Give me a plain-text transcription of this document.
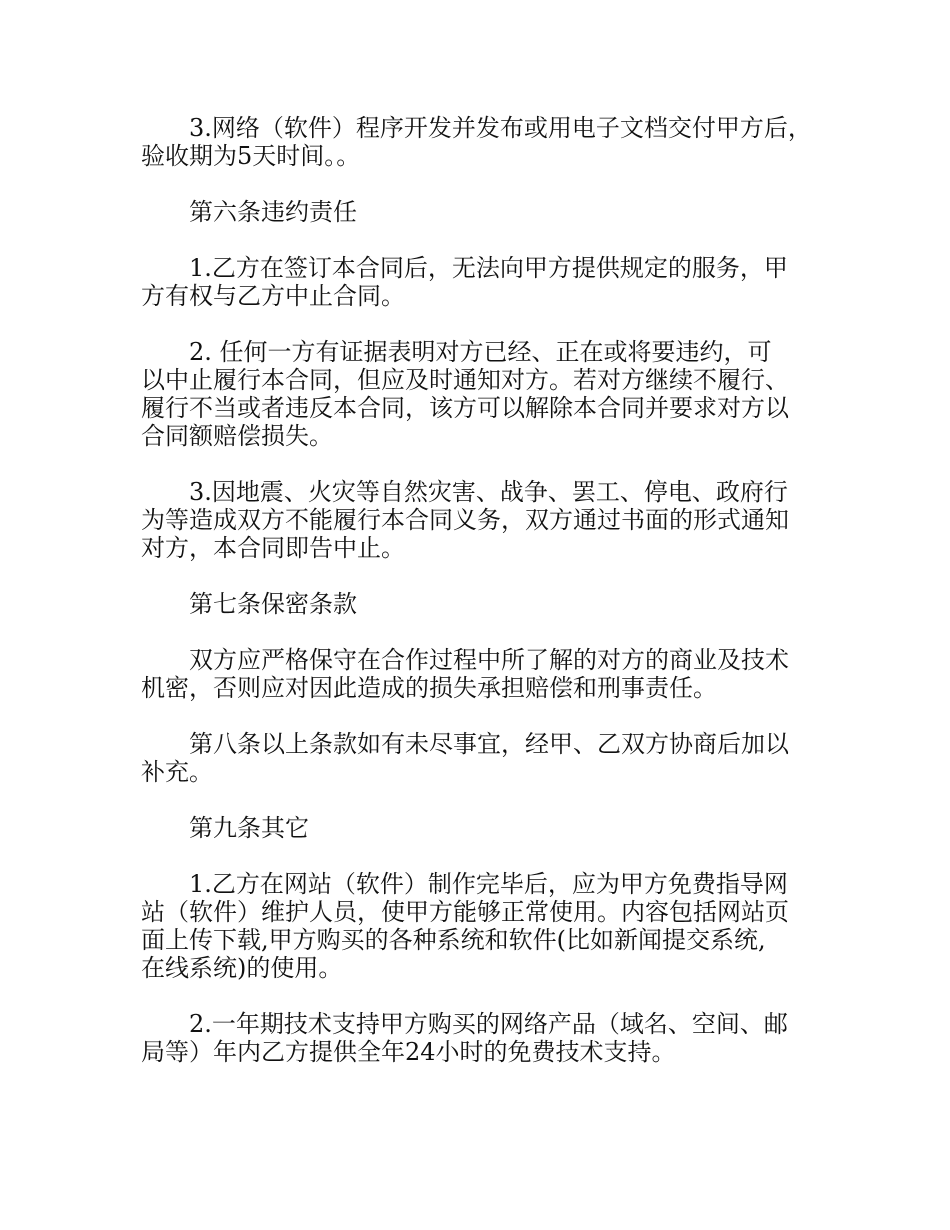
3.网络（软件）程序开发并发布或用电子文档交付甲方后，
验收期为5天时间。。
第六条违约责任
1.乙方在签订本合同后，无法向甲方提供规定的服务，甲
方有权与乙方中止合同。
2. 任何一方有证据表明对方已经、正在或将要违约，可
以中止履行本合同，但应及时通知对方。若对方继续不履行、
履行不当或者违反本合同，该方可以解除本合同并要求对方以
合同额赔偿损失。
3.因地震、火灾等自然灾害、战争、罢工、停电、政府行
为等造成双方不能履行本合同义务，双方通过书面的形式通知
对方，本合同即告中止。
第七条保密条款
双方应严格保守在合作过程中所了解的对方的商业及技术
机密，否则应对因此造成的损失承担赔偿和刑事责任。
第八条以上条款如有未尽事宜，经甲、乙双方协商后加以
补充。
第九条其它
1.乙方在网站（软件）制作完毕后，应为甲方免费指导网
站（软件）维护人员，使甲方能够正常使用。内容包括网站页
面上传下载,甲方购买的各种系统和软件(比如新闻提交系统,
在线系统)的使用。
2.一年期技术支持甲方购买的网络产品（域名、空间、邮
局等）年内乙方提供全年24小时的免费技术支持。
